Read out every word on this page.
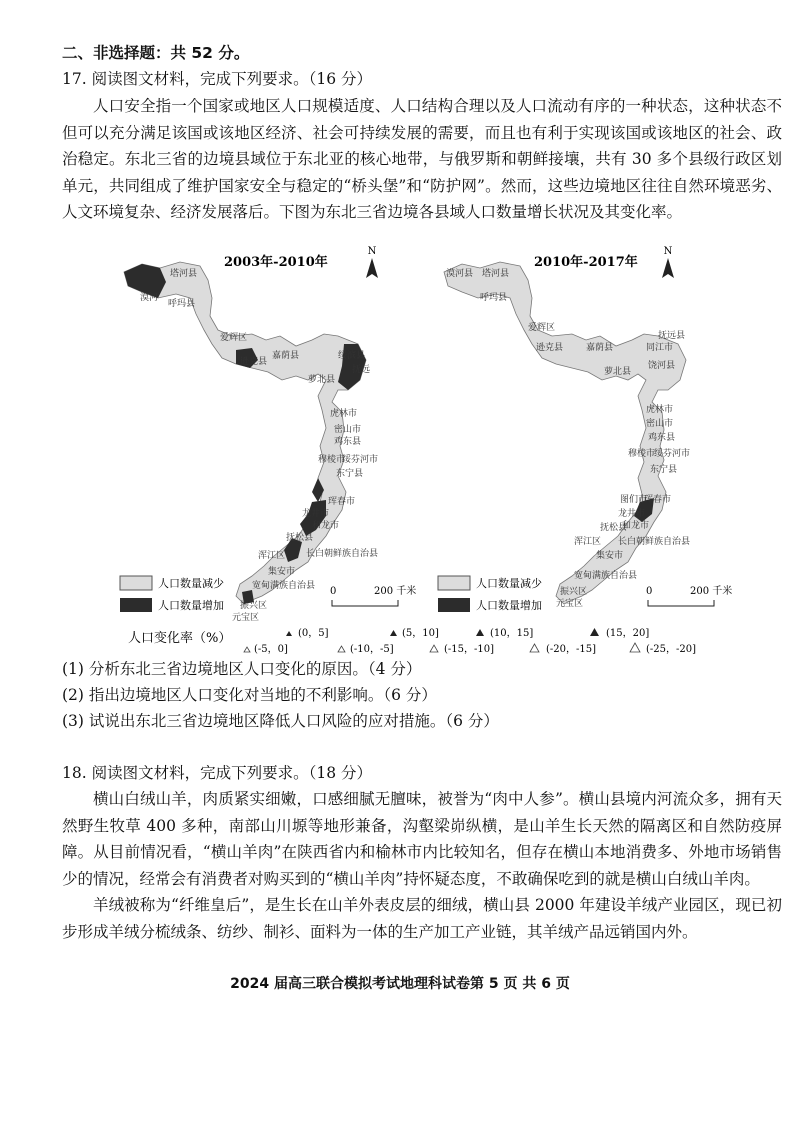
二、非选择题：共 52 分。
17. 阅读图文材料，完成下列要求。（16 分）

人口安全指一个国家或地区人口规模适度、人口结构合理以及人口流动有序的一种状态，这种状态不但可以充分满足该国或该地区经济、社会可持续发展的需要，而且也有利于实现该国或该地区的社会、政治稳定。东北三省的边境县域位于东北亚的核心地带，与俄罗斯和朝鲜接壤，共有 30 多个县级行政区划单元，共同组成了维护国家安全与稳定的“桥头堡”和“防护网”。然而，这些边境地区往往自然环境恶劣、人文环境复杂、经济发展落后。下图为东北三省边境各县域人口数量增长状况及其变化率。

2003年-2010年
N
塔河县
漠河
呼玛县
爱辉区
逊克县
嘉荫县
萝北县
绥滨县
抚远
虎林市
密山市
鸡东县
穆棱市
绥芬河市
东宁县
珲春市
龙井市
和龙市
抚松县
长白朝鲜族自治县
浑江区
集安市
宽甸满族自治县
振兴区
元宝区
人口数量减少
人口数量增加
0	200 千米
2010年-2017年
N
漠河县 塔河县
呼玛县
爱辉区
逊克县	嘉荫县
萝北县
同江市
抚远县
饶河县
虎林市
密山市
鸡东县
穆棱市
绥芬河市
东宁县
珲春市
图们市
龙井市
和龙市
抚松县
长白朝鲜族自治县
浑江区
集安市
宽甸满族自治县
振兴区
元宝区
人口数量减少
人口数量增加
0	200 千米
人口变化率（%）	(0，5]	(5，10]	(10，15]	(15，20]
(-5，0]	(-10，-5]	(-15，-10]	(-20，-15]	(-25，-20]
(1) 分析东北三省边境地区人口变化的原因。（4 分）
(2) 指出边境地区人口变化对当地的不利影响。（6 分）
(3) 试说出东北三省边境地区降低人口风险的应对措施。（6 分）
18. 阅读图文材料，完成下列要求。（18 分）

横山白绒山羊，肉质紧实细嫩，口感细腻无膻味，被誉为“肉中人参”。横山县境内河流众多，拥有天然野生牧草 400 多种，南部山川塬等地形兼备，沟壑梁峁纵横，是山羊生长天然的隔离区和自然防疫屏障。从目前情况看，“横山羊肉”在陕西省内和榆林市内比较知名，但存在横山本地消费多、外地市场销售少的情况，经常会有消费者对购买到的“横山羊肉”持怀疑态度，不敢确保吃到的就是横山白绒山羊肉。

羊绒被称为“纤维皇后”，是生长在山羊外表皮层的细绒，横山县 2000 年建设羊绒产业园区，现已初步形成羊绒分梳绒条、纺纱、制衫、面料为一体的生产加工产业链，其羊绒产品远销国内外。

2024 届高三联合模拟考试地理科试卷第 5 页 共 6 页
